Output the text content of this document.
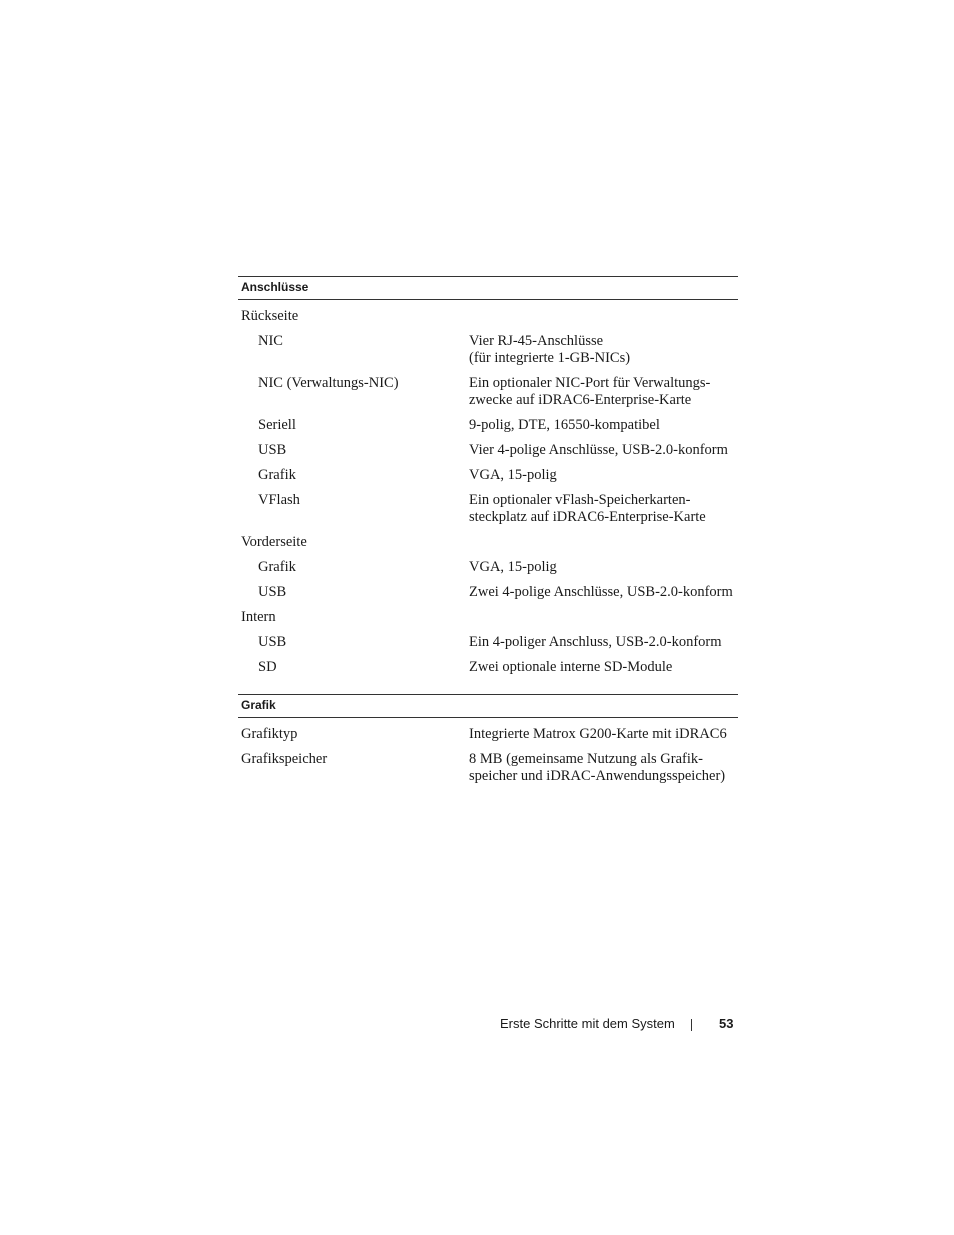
Anschlüsse
Rückseite
NIC	Vier RJ-45-Anschlüsse
(für integrierte 1-GB-NICs)
NIC (Verwaltungs-NIC)	Ein optionaler NIC-Port für Verwaltungs-
zwecke auf iDRAC6-Enterprise-Karte
Seriell	9-polig, DTE, 16550-kompatibel
USB	Vier 4-polige Anschlüsse, USB-2.0-konform
Grafik	VGA, 15-polig
VFlash	Ein optionaler vFlash-Speicherkarten-
steckplatz auf iDRAC6-Enterprise-Karte
Vorderseite
Grafik	VGA, 15-polig
USB	Zwei 4-polige Anschlüsse, USB-2.0-konform
Intern
USB	Ein 4-poliger Anschluss, USB-2.0-konform
SD	Zwei optionale interne SD-Module
Grafik
Grafiktyp	Integrierte Matrox G200-Karte mit iDRAC6
Grafikspeicher	8 MB (gemeinsame Nutzung als Grafik-
speicher und iDRAC-Anwendungsspeicher)
Erste Schritte mit dem System	53
